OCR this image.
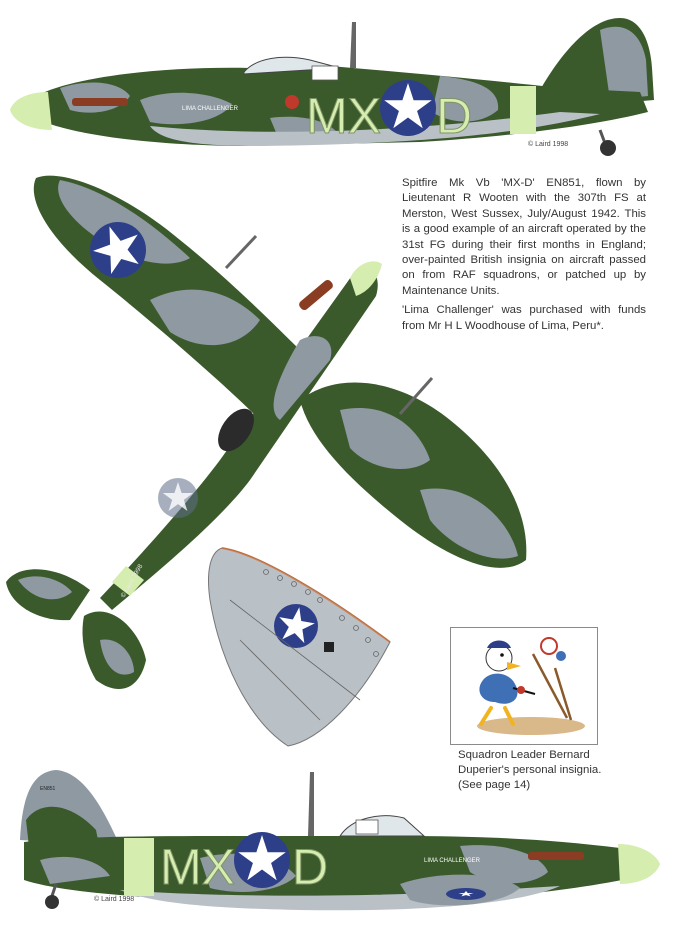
MX D
LIMA CHALLENGER
© Laird 1998
EN851
MX D	LIMA CHALLENGER
© Laird 1998
© Laird 1998

Spitfire Mk Vb 'MX-D' EN851, flown by Lieutenant R Wooten with the 307th FS at Merston, West Sussex, July/August 1942. This is a good example of an aircraft operated by the 31st FG during their first months in England; over-painted British insignia on aircraft passed on from RAF squadrons, or patched up by Maintenance Units.

'Lima Challenger' was purchased with funds from Mr H L Woodhouse of Lima, Peru*.

Squadron Leader Bernard
Duperier's personal insignia.
(See page 14)
